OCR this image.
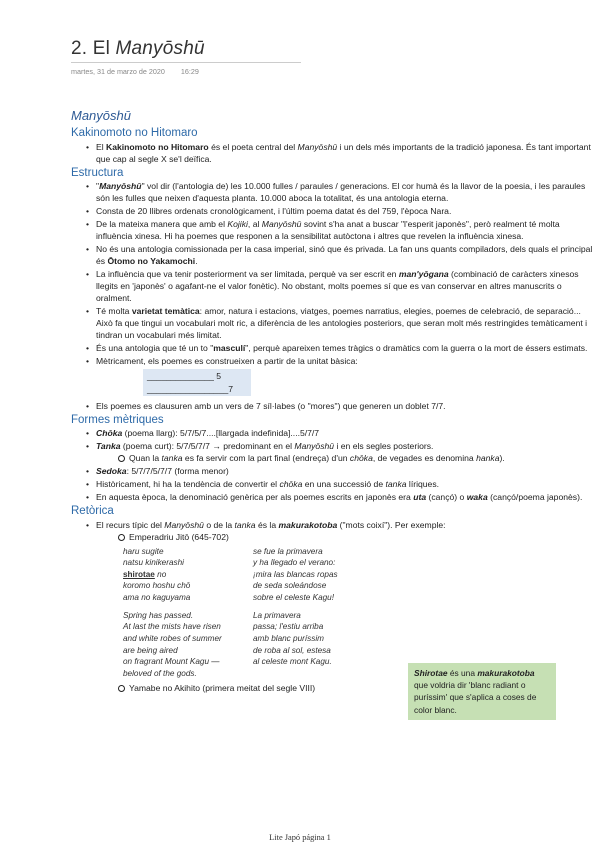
2. El Manyōshū
martes, 31 de marzo de 2020 16:29
Manyōshū
Kakinomoto no Hitomaro
• El Kakinomoto no Hitomaro és el poeta central del Manyōshū i un dels més importants de la tradició japonesa. És tant important que cap al segle X se'l deïfica.
Estructura
• "Manyōshū" vol dir (l'antologia de) les 10.000 fulles / paraules / generacions. El cor humà és la llavor de la poesia, i les paraules són les fulles que neixen d'aquesta planta. 10.000 aboca la totalitat, és una antologia eterna.
• Consta de 20 llibres ordenats cronològicament, i l'últim poema datat és del 759, l'època Nara.
• De la mateixa manera que amb el Kojiki, al Manyōshū sovint s'ha anat a buscar "l'esperit japonès", però realment té molta influència xinesa. Hi ha poemes que responen a la sensibilitat autòctona i altres que revelen la influència xinesa.
• No és una antologia comissionada per la casa imperial, sinó que és privada. La fan uns quants compiladors, dels quals el principal és Ōtomo no Yakamochi.
• La influència que va tenir posteriorment va ser limitada, perquè va ser escrit en man'yōgana (combinació de caràcters xinesos llegits en 'japonès' o agafant-ne el valor fonètic). No obstant, molts poemes sí que es van conservar en altres manuscrits o oralment.
• Té molta varietat temàtica: amor, natura i estacions, viatges, poemes narratius, elegies, poemes de celebració, de separació... Això fa que tingui un vocabulari molt ric, a diferència de les antologies posteriors, que seran molt més restringides temàticament i tindran un vocabulari més limitat.
• És una antologia que té un to "masculí", perquè apareixen temes tràgics o dramàtics com la guerra o la mort de éssers estimats.
• Mètricament, els poemes es construeixen a partir de la unitat bàsica:
______________ 5
_________________7
• Els poemes es clausuren amb un vers de 7 síl·labes (o "mores") que generen un doblet 7/7.
Formes mètriques
• Chōka (poema llarg): 5/7/5/7....[llargada indefinida]....5/7/7
• Tanka (poema curt): 5/7/5/7/7 → predominant en el Manyōshū i en els segles posteriors.
Quan la tanka es fa servir com la part final (endreça) d'un chōka, de vegades es denomina hanka).
• Sedoka: 5/7/7/5/7/7 (forma menor)
• Històricament, hi ha la tendència de convertir el chōka en una successió de tanka líriques.
• En aquesta època, la denominació genèrica per als poemes escrits en japonès era uta (cançó) o waka (cançó/poema japonès).
Retòrica
• El recurs típic del Manyōshū o de la tanka és la makurakotoba ("mots coixí"). Per exemple:
Emperadriu Jitō (645-702)
haru sugite
natsu kinikerashi
shirotae no
koromo hoshu chō
ama no kaguyama
se fue la primavera
y ha llegado el verano:
¡mira las blancas ropas
de seda soleándose
sobre el celeste Kagu!
Spring has passed.
At last the mists have risen
and white robes of summer
are being aired
on fragrant Mount Kagu —
beloved of the gods.
La primavera
passa; l'estiu arriba
amb blanc puríssim
de roba al sol, estesa
al celeste mont Kagu.
Yamabe no Akihito (primera meitat del segle VIII)
Shirotae és una makurakotoba que voldria dir 'blanc radiant o puríssim' que s'aplica a coses de color blanc.
Lite Japó página 1
